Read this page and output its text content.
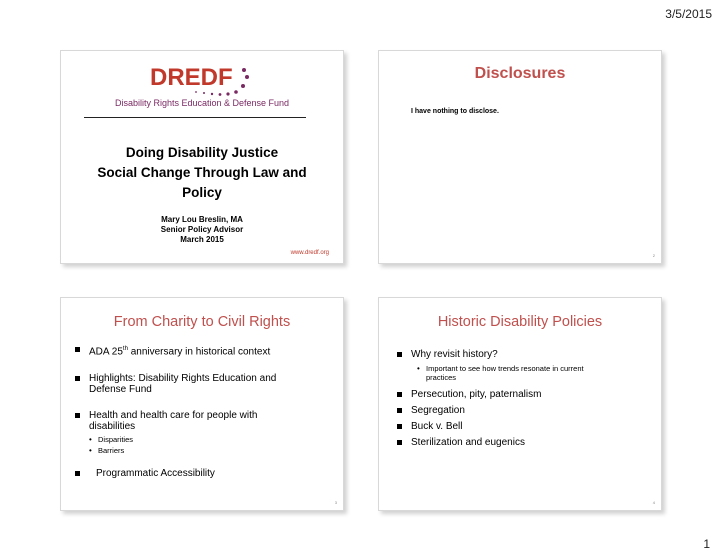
3/5/2015
DREDF
Disability Rights Education & Defense Fund
Doing Disability Justice
Social Change Through Law and
Policy
Mary Lou Breslin, MA
Senior Policy Advisor
March 2015
www.dredf.org
Disclosures
I have nothing to disclose.
2
From Charity to Civil Rights
ADA 25th anniversary in historical context
Highlights: Disability Rights Education and
Defense Fund
Health and health care for people with
disabilities
• Disparities
• Barriers
Programmatic Accessibility
3
Historic Disability Policies
Why revisit history?
• Important to see how trends resonate in current
practices
Persecution, pity, paternalism
Segregation
Buck v. Bell
Sterilization and eugenics
4
1
